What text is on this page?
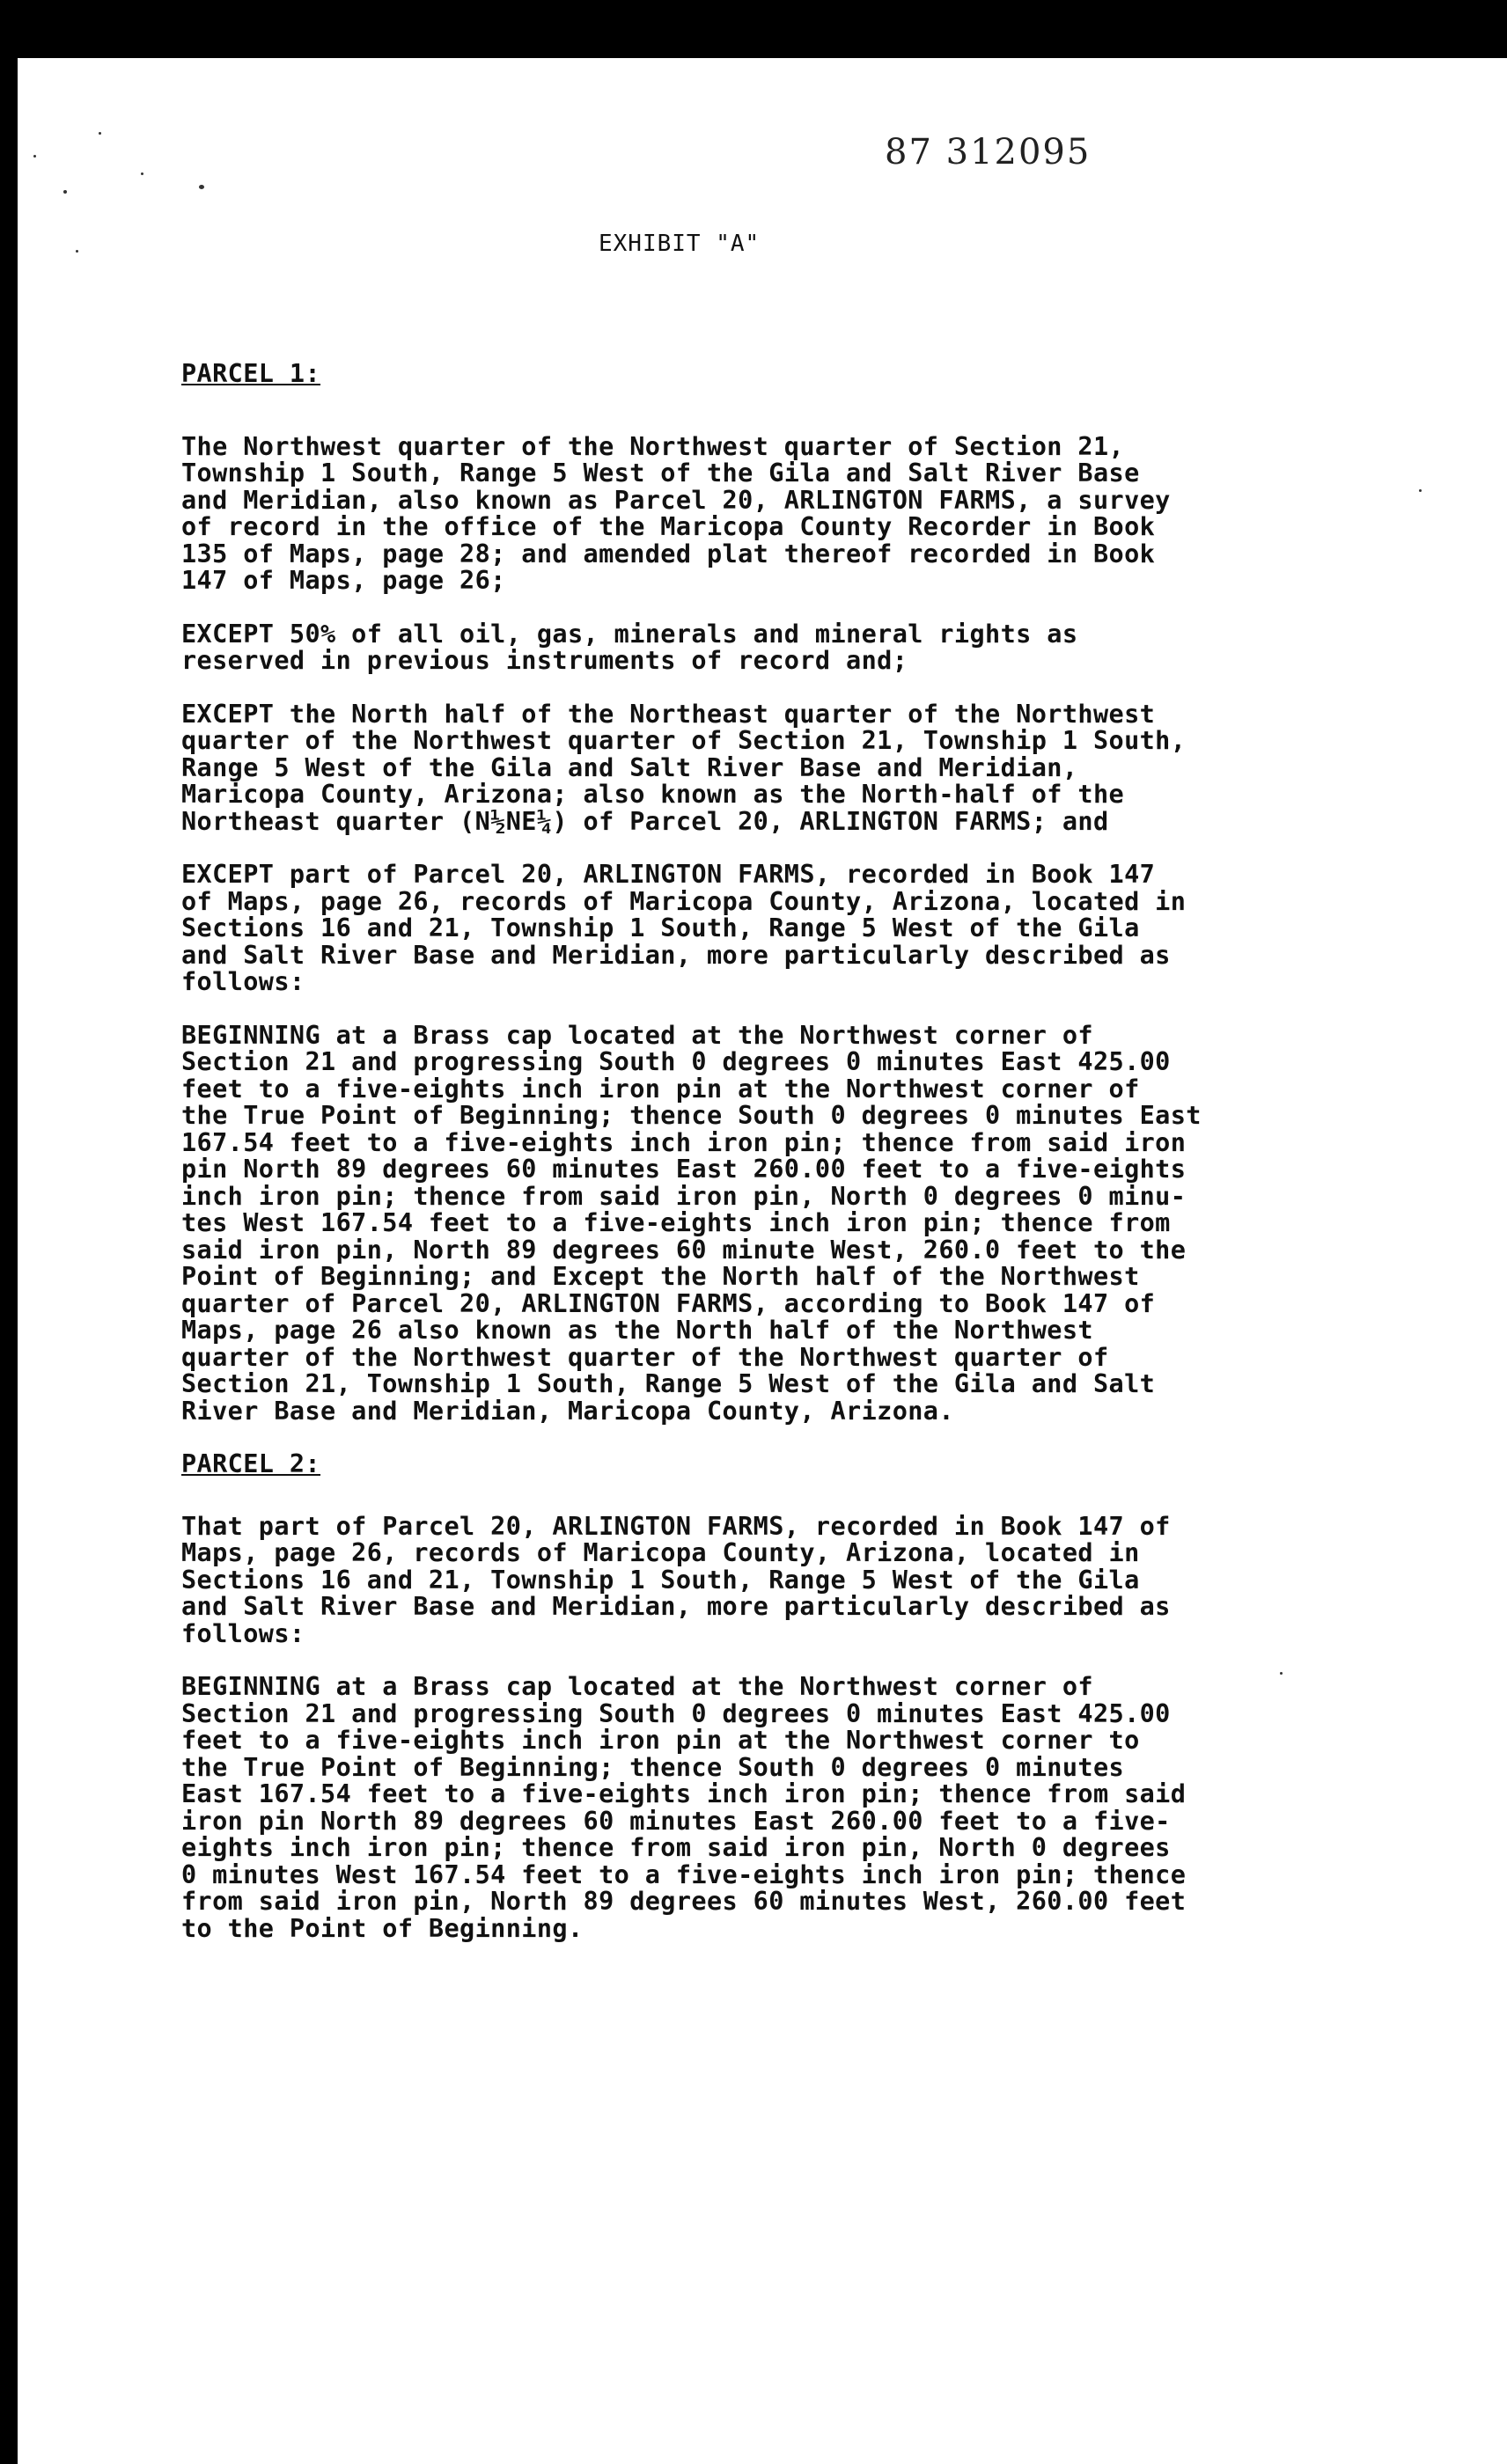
87 312095
EXHIBIT "A"
PARCEL 1:
The Northwest quarter of the Northwest quarter of Section 21,
Township 1 South, Range 5 West of the Gila and Salt River Base
and Meridian, also known as Parcel 20, ARLINGTON FARMS, a survey
of record in the office of the Maricopa County Recorder in Book
135 of Maps, page 28; and amended plat thereof recorded in Book
147 of Maps, page 26;
EXCEPT 50% of all oil, gas, minerals and mineral rights as
reserved in previous instruments of record and;
EXCEPT the North half of the Northeast quarter of the Northwest
quarter of the Northwest quarter of Section 21, Township 1 South,
Range 5 West of the Gila and Salt River Base and Meridian,
Maricopa County, Arizona; also known as the North-half of the
Northeast quarter (N½NE¼) of Parcel 20, ARLINGTON FARMS; and
EXCEPT part of Parcel 20, ARLINGTON FARMS, recorded in Book 147
of Maps, page 26, records of Maricopa County, Arizona, located in
Sections 16 and 21, Township 1 South, Range 5 West of the Gila
and Salt River Base and Meridian, more particularly described as
follows:
BEGINNING at a Brass cap located at the Northwest corner of
Section 21 and progressing South 0 degrees 0 minutes East 425.00
feet to a five-eights inch iron pin at the Northwest corner of
the True Point of Beginning; thence South 0 degrees 0 minutes East
167.54 feet to a five-eights inch iron pin; thence from said iron
pin North 89 degrees 60 minutes East 260.00 feet to a five-eights
inch iron pin; thence from said iron pin, North 0 degrees 0 minu-
tes West 167.54 feet to a five-eights inch iron pin; thence from
said iron pin, North 89 degrees 60 minute West, 260.0 feet to the
Point of Beginning; and Except the North half of the Northwest
quarter of Parcel 20, ARLINGTON FARMS, according to Book 147 of
Maps, page 26 also known as the North half of the Northwest
quarter of the Northwest quarter of the Northwest quarter of
Section 21, Township 1 South, Range 5 West of the Gila and Salt
River Base and Meridian, Maricopa County, Arizona.
PARCEL 2:
That part of Parcel 20, ARLINGTON FARMS, recorded in Book 147 of
Maps, page 26, records of Maricopa County, Arizona, located in
Sections 16 and 21, Township 1 South, Range 5 West of the Gila
and Salt River Base and Meridian, more particularly described as
follows:
BEGINNING at a Brass cap located at the Northwest corner of
Section 21 and progressing South 0 degrees 0 minutes East 425.00
feet to a five-eights inch iron pin at the Northwest corner to
the True Point of Beginning; thence South 0 degrees 0 minutes
East 167.54 feet to a five-eights inch iron pin; thence from said
iron pin North 89 degrees 60 minutes East 260.00 feet to a five-
eights inch iron pin; thence from said iron pin, North 0 degrees
0 minutes West 167.54 feet to a five-eights inch iron pin; thence
from said iron pin, North 89 degrees 60 minutes West, 260.00 feet
to the Point of Beginning.
